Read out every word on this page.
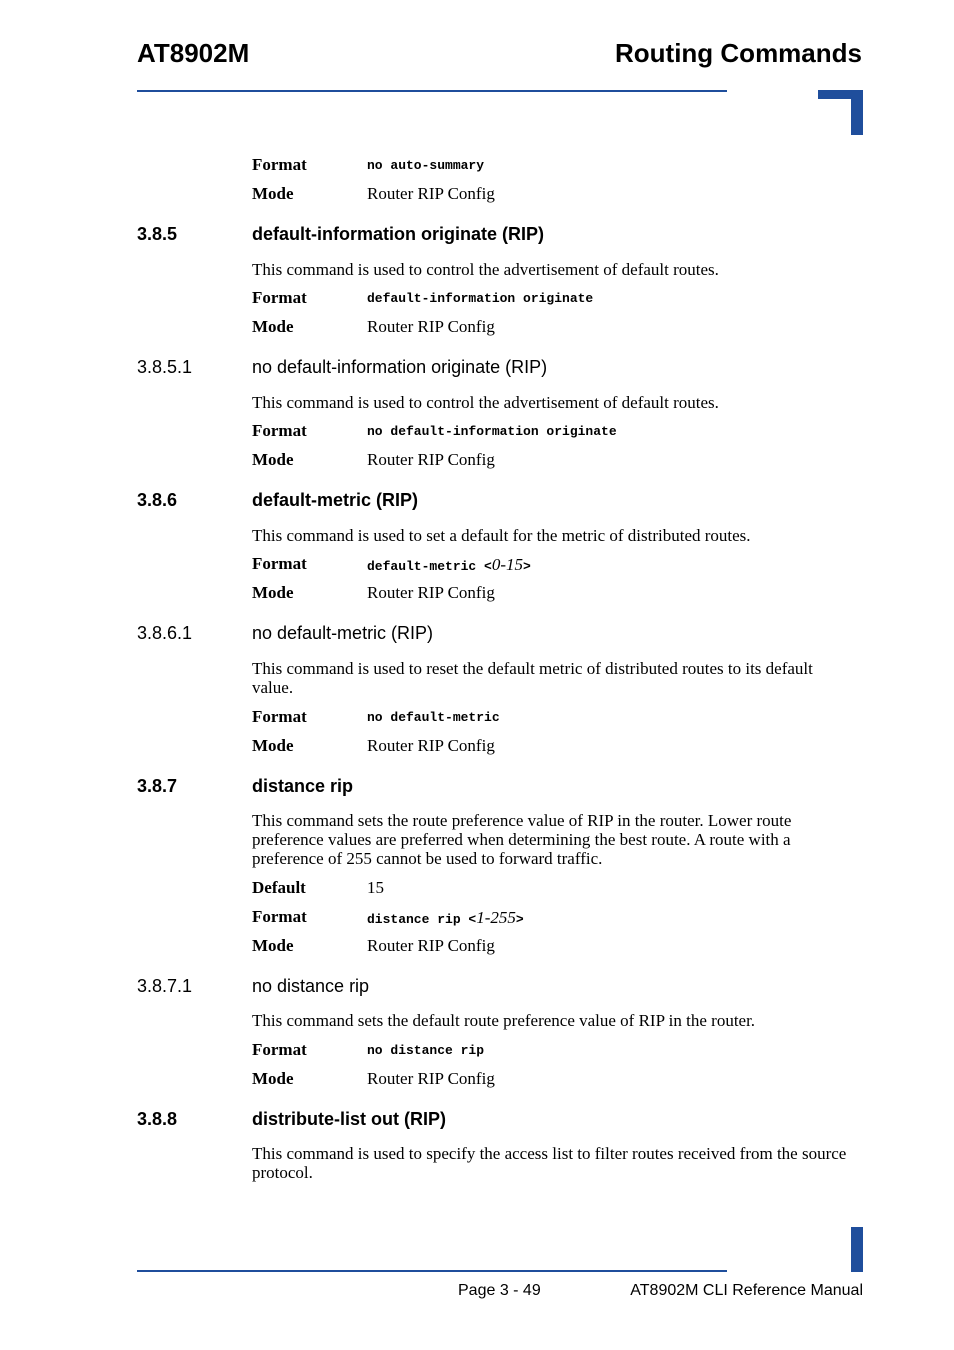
AT8902M	Routing Commands
Format	no auto-summary
Mode	Router RIP Config
3.8.5	default-information originate (RIP)
This command is used to control the advertisement of default routes.
Format	default-information originate
Mode	Router RIP Config
3.8.5.1	no default-information originate (RIP)
This command is used to control the advertisement of default routes.
Format	no default-information originate
Mode	Router RIP Config
3.8.6	default-metric (RIP)
This command is used to set a default for the metric of distributed routes.
Format	default-metric <0-15>
Mode	Router RIP Config
3.8.6.1	no default-metric (RIP)
This command is used to reset the default metric of distributed routes to its default
value.
Format	no default-metric
Mode	Router RIP Config
3.8.7	distance rip
This command sets the route preference value of RIP in the router. Lower route
preference values are preferred when determining the best route. A route with a
preference of 255 cannot be used to forward traffic.
Default	15
Format	distance rip <1-255>
Mode	Router RIP Config
3.8.7.1	no distance rip
This command sets the default route preference value of RIP in the router.
Format	no distance rip
Mode	Router RIP Config
3.8.8	distribute-list out (RIP)
This command is used to specify the access list to filter routes received from the source
protocol.
Page 3 - 49	AT8902M CLI Reference Manual
